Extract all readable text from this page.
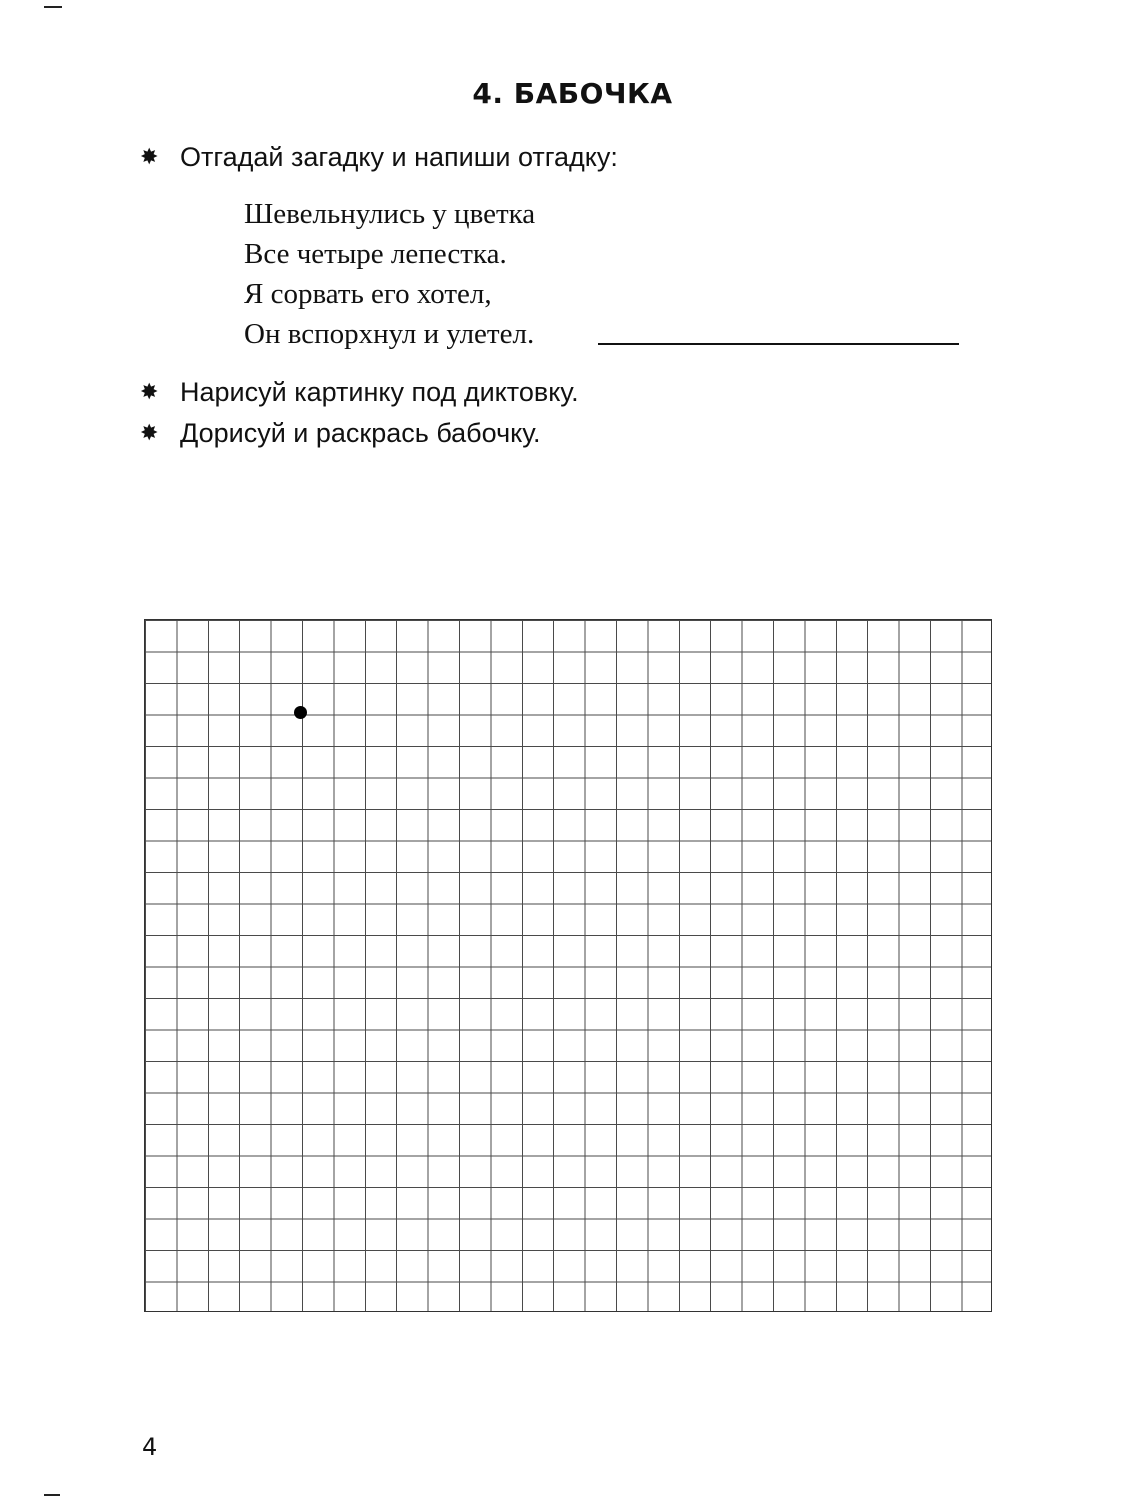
4. БАБОЧКА
✸ Отгадай загадку и напиши отгадку:
Шевельнулись у цветка
Все четыре лепестка.
Я сорвать его хотел,
Он вспорхнул и улетел.
✸ Нарисуй картинку под диктовку.
✸ Дорисуй и раскрась бабочку.
4
